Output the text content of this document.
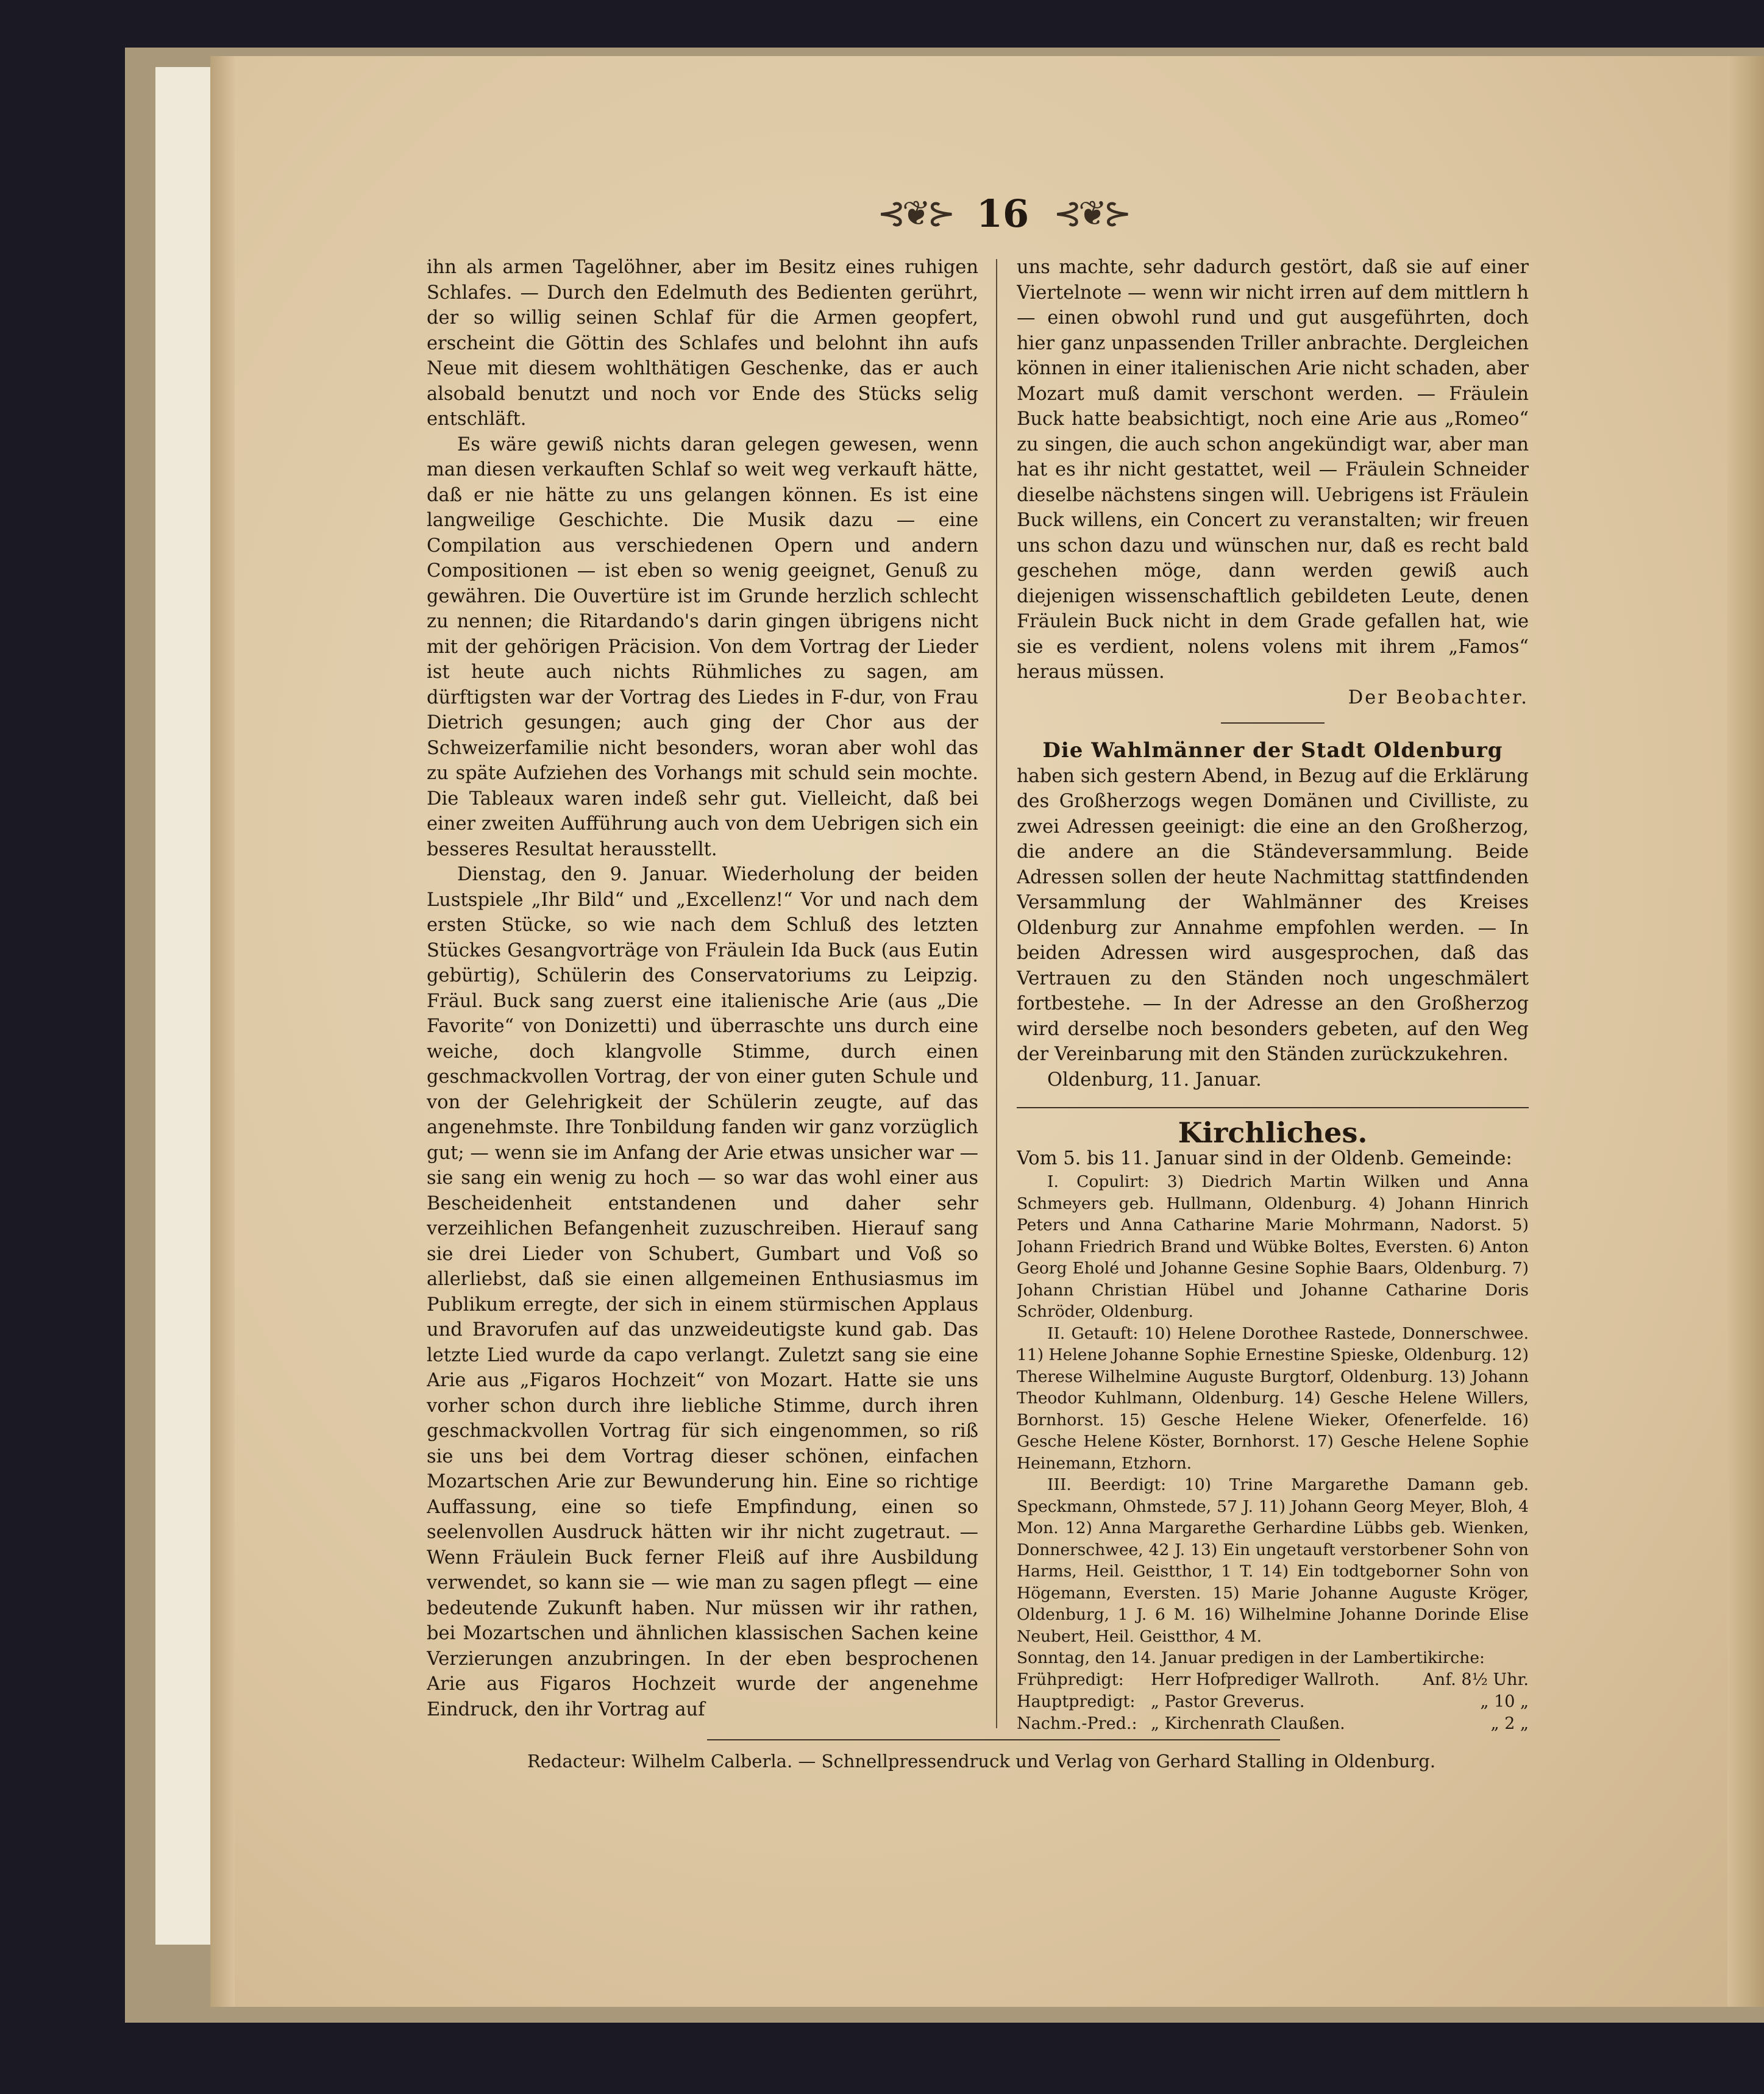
⊰❦⊱ 16 ⊰❦⊱

ihn als armen Tagelöhner, aber im Besitz eines ruhigen Schlafes. — Durch den Edelmuth des Bedienten gerührt, der so willig seinen Schlaf für die Armen geopfert, erscheint die Göttin des Schlafes und belohnt ihn aufs Neue mit diesem wohlthätigen Geschenke, das er auch alsobald benutzt und noch vor Ende des Stücks selig entschläft.

Es wäre gewiß nichts daran gelegen gewesen, wenn man diesen verkauften Schlaf so weit weg verkauft hätte, daß er nie hätte zu uns gelangen können. Es ist eine langweilige Geschichte. Die Musik dazu — eine Compilation aus verschiedenen Opern und andern Compositionen — ist eben so wenig geeignet, Genuß zu gewähren. Die Ouvertüre ist im Grunde herzlich schlecht zu nennen; die Ritardando's darin gingen übrigens nicht mit der gehörigen Präcision. Von dem Vortrag der Lieder ist heute auch nichts Rühmliches zu sagen, am dürftigsten war der Vortrag des Liedes in F-dur, von Frau Dietrich gesungen; auch ging der Chor aus der Schweizerfamilie nicht besonders, woran aber wohl das zu späte Aufziehen des Vorhangs mit schuld sein mochte. Die Tableaux waren indeß sehr gut. Vielleicht, daß bei einer zweiten Aufführung auch von dem Uebrigen sich ein besseres Resultat herausstellt.

Dienstag, den 9. Januar. Wiederholung der beiden Lustspiele „Ihr Bild“ und „Excellenz!“ Vor und nach dem ersten Stücke, so wie nach dem Schluß des letzten Stückes Gesangvorträge von Fräulein Ida Buck (aus Eutin gebürtig), Schülerin des Conservatoriums zu Leipzig. Fräul. Buck sang zuerst eine italienische Arie (aus „Die Favorite“ von Donizetti) und überraschte uns durch eine weiche, doch klangvolle Stimme, durch einen geschmackvollen Vortrag, der von einer guten Schule und von der Gelehrigkeit der Schülerin zeugte, auf das angenehmste. Ihre Tonbildung fanden wir ganz vorzüglich gut; — wenn sie im Anfang der Arie etwas unsicher war — sie sang ein wenig zu hoch — so war das wohl einer aus Bescheidenheit entstandenen und daher sehr verzeihlichen Befangenheit zuzuschreiben. Hierauf sang sie drei Lieder von Schubert, Gumbart und Voß so allerliebst, daß sie einen allgemeinen Enthusiasmus im Publikum erregte, der sich in einem stürmischen Applaus und Bravorufen auf das unzweideutigste kund gab. Das letzte Lied wurde da capo verlangt. Zuletzt sang sie eine Arie aus „Figaros Hochzeit“ von Mozart. Hatte sie uns vorher schon durch ihre liebliche Stimme, durch ihren geschmackvollen Vortrag für sich eingenommen, so riß sie uns bei dem Vortrag dieser schönen, einfachen Mozartschen Arie zur Bewunderung hin. Eine so richtige Auffassung, eine so tiefe Empfindung, einen so seelenvollen Ausdruck hätten wir ihr nicht zugetraut. — Wenn Fräulein Buck ferner Fleiß auf ihre Ausbildung verwendet, so kann sie — wie man zu sagen pflegt — eine bedeutende Zukunft haben. Nur müssen wir ihr rathen, bei Mozartschen und ähnlichen klassischen Sachen keine Verzierungen anzubringen. In der eben besprochenen Arie aus Figaros Hochzeit wurde der angenehme Eindruck, den ihr Vortrag auf

uns machte, sehr dadurch gestört, daß sie auf einer Viertelnote — wenn wir nicht irren auf dem mittlern h — einen obwohl rund und gut ausgeführten, doch hier ganz unpassenden Triller anbrachte. Dergleichen können in einer italienischen Arie nicht schaden, aber Mozart muß damit verschont werden. — Fräulein Buck hatte beabsichtigt, noch eine Arie aus „Romeo“ zu singen, die auch schon angekündigt war, aber man hat es ihr nicht gestattet, weil — Fräulein Schneider dieselbe nächstens singen will. Uebrigens ist Fräulein Buck willens, ein Concert zu veranstalten; wir freuen uns schon dazu und wünschen nur, daß es recht bald geschehen möge, dann werden gewiß auch diejenigen wissenschaftlich gebildeten Leute, denen Fräulein Buck nicht in dem Grade gefallen hat, wie sie es verdient, nolens volens mit ihrem „Famos“ heraus müssen.

Der Beobachter.

Die Wahlmänner der Stadt Oldenburg

haben sich gestern Abend, in Bezug auf die Erklärung des Großherzogs wegen Domänen und Civilliste, zu zwei Adressen geeinigt: die eine an den Großherzog, die andere an die Ständeversammlung. Beide Adressen sollen der heute Nachmittag stattfindenden Versammlung der Wahlmänner des Kreises Oldenburg zur Annahme empfohlen werden. — In beiden Adressen wird ausgesprochen, daß das Vertrauen zu den Ständen noch ungeschmälert fortbestehe. — In der Adresse an den Großherzog wird derselbe noch besonders gebeten, auf den Weg der Vereinbarung mit den Ständen zurückzukehren.

Oldenburg, 11. Januar.

Kirchliches.

Vom 5. bis 11. Januar sind in der Oldenb. Gemeinde:

I. Copulirt: 3) Diedrich Martin Wilken und Anna Schmeyers geb. Hullmann, Oldenburg. 4) Johann Hinrich Peters und Anna Catharine Marie Mohrmann, Nadorst. 5) Johann Friedrich Brand und Wübke Boltes, Eversten. 6) Anton Georg Eholé und Johanne Gesine Sophie Baars, Oldenburg. 7) Johann Christian Hübel und Johanne Catharine Doris Schröder, Oldenburg.

II. Getauft: 10) Helene Dorothee Rastede, Donnerschwee. 11) Helene Johanne Sophie Ernestine Spieske, Oldenburg. 12) Therese Wilhelmine Auguste Burgtorf, Oldenburg. 13) Johann Theodor Kuhlmann, Oldenburg. 14) Gesche Helene Willers, Bornhorst. 15) Gesche Helene Wieker, Ofenerfelde. 16) Gesche Helene Köster, Bornhorst. 17) Gesche Helene Sophie Heinemann, Etzhorn.

III. Beerdigt: 10) Trine Margarethe Damann geb. Speckmann, Ohmstede, 57 J. 11) Johann Georg Meyer, Bloh, 4 Mon. 12) Anna Margarethe Gerhardine Lübbs geb. Wienken, Donnerschwee, 42 J. 13) Ein ungetauft verstorbener Sohn von Harms, Heil. Geistthor, 1 T. 14) Ein todtgeborner Sohn von Högemann, Eversten. 15) Marie Johanne Auguste Kröger, Oldenburg, 1 J. 6 M. 16) Wilhelmine Johanne Dorinde Elise Neubert, Heil. Geistthor, 4 M.

Sonntag, den 14. Januar predigen in der Lambertikirche:

Frühpredigt:	Herr Hofprediger Wallroth.	Anf. 8½ Uhr.
Hauptpredigt: „ Pastor Greverus.	„ 10 „
Nachm.-Pred.: „ Kirchenrath Claußen.	„ 2 „
Redacteur: Wilhelm Calberla. — Schnellpressendruck und Verlag von Gerhard Stalling in Oldenburg.
